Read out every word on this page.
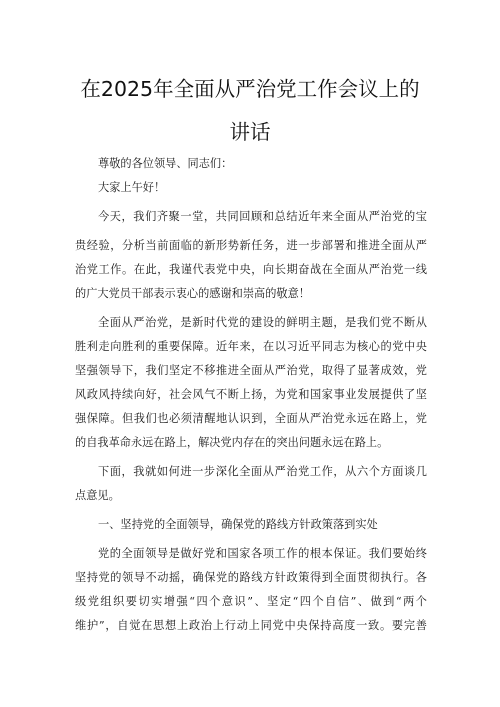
在2025年全面从严治党工作会议上的
讲话
尊敬的各位领导、同志们：
大家上午好！
今天，我们齐聚一堂，共同回顾和总结近年来全面从严治党的宝
贵经验，分析当前面临的新形势新任务，进一步部署和推进全面从严
治党工作。在此，我谨代表党中央，向长期奋战在全面从严治党一线
的广大党员干部表示衷心的感谢和崇高的敬意！
全面从严治党，是新时代党的建设的鲜明主题，是我们党不断从
胜利走向胜利的重要保障。近年来，在以习近平同志为核心的党中央
坚强领导下，我们坚定不移推进全面从严治党，取得了显著成效，党
风政风持续向好，社会风气不断上扬，为党和国家事业发展提供了坚
强保障。但我们也必须清醒地认识到，全面从严治党永远在路上，党
的自我革命永远在路上，解决党内存在的突出问题永远在路上。
下面，我就如何进一步深化全面从严治党工作，从六个方面谈几
点意见。
一、坚持党的全面领导，确保党的路线方针政策落到实处
党的全面领导是做好党和国家各项工作的根本保证。我们要始终
坚持党的领导不动摇，确保党的路线方针政策得到全面贯彻执行。各
级党组织要切实增强“四个意识”、坚定“四个自信”、做到“两个
维护”，自觉在思想上政治上行动上同党中央保持高度一致。要完善
